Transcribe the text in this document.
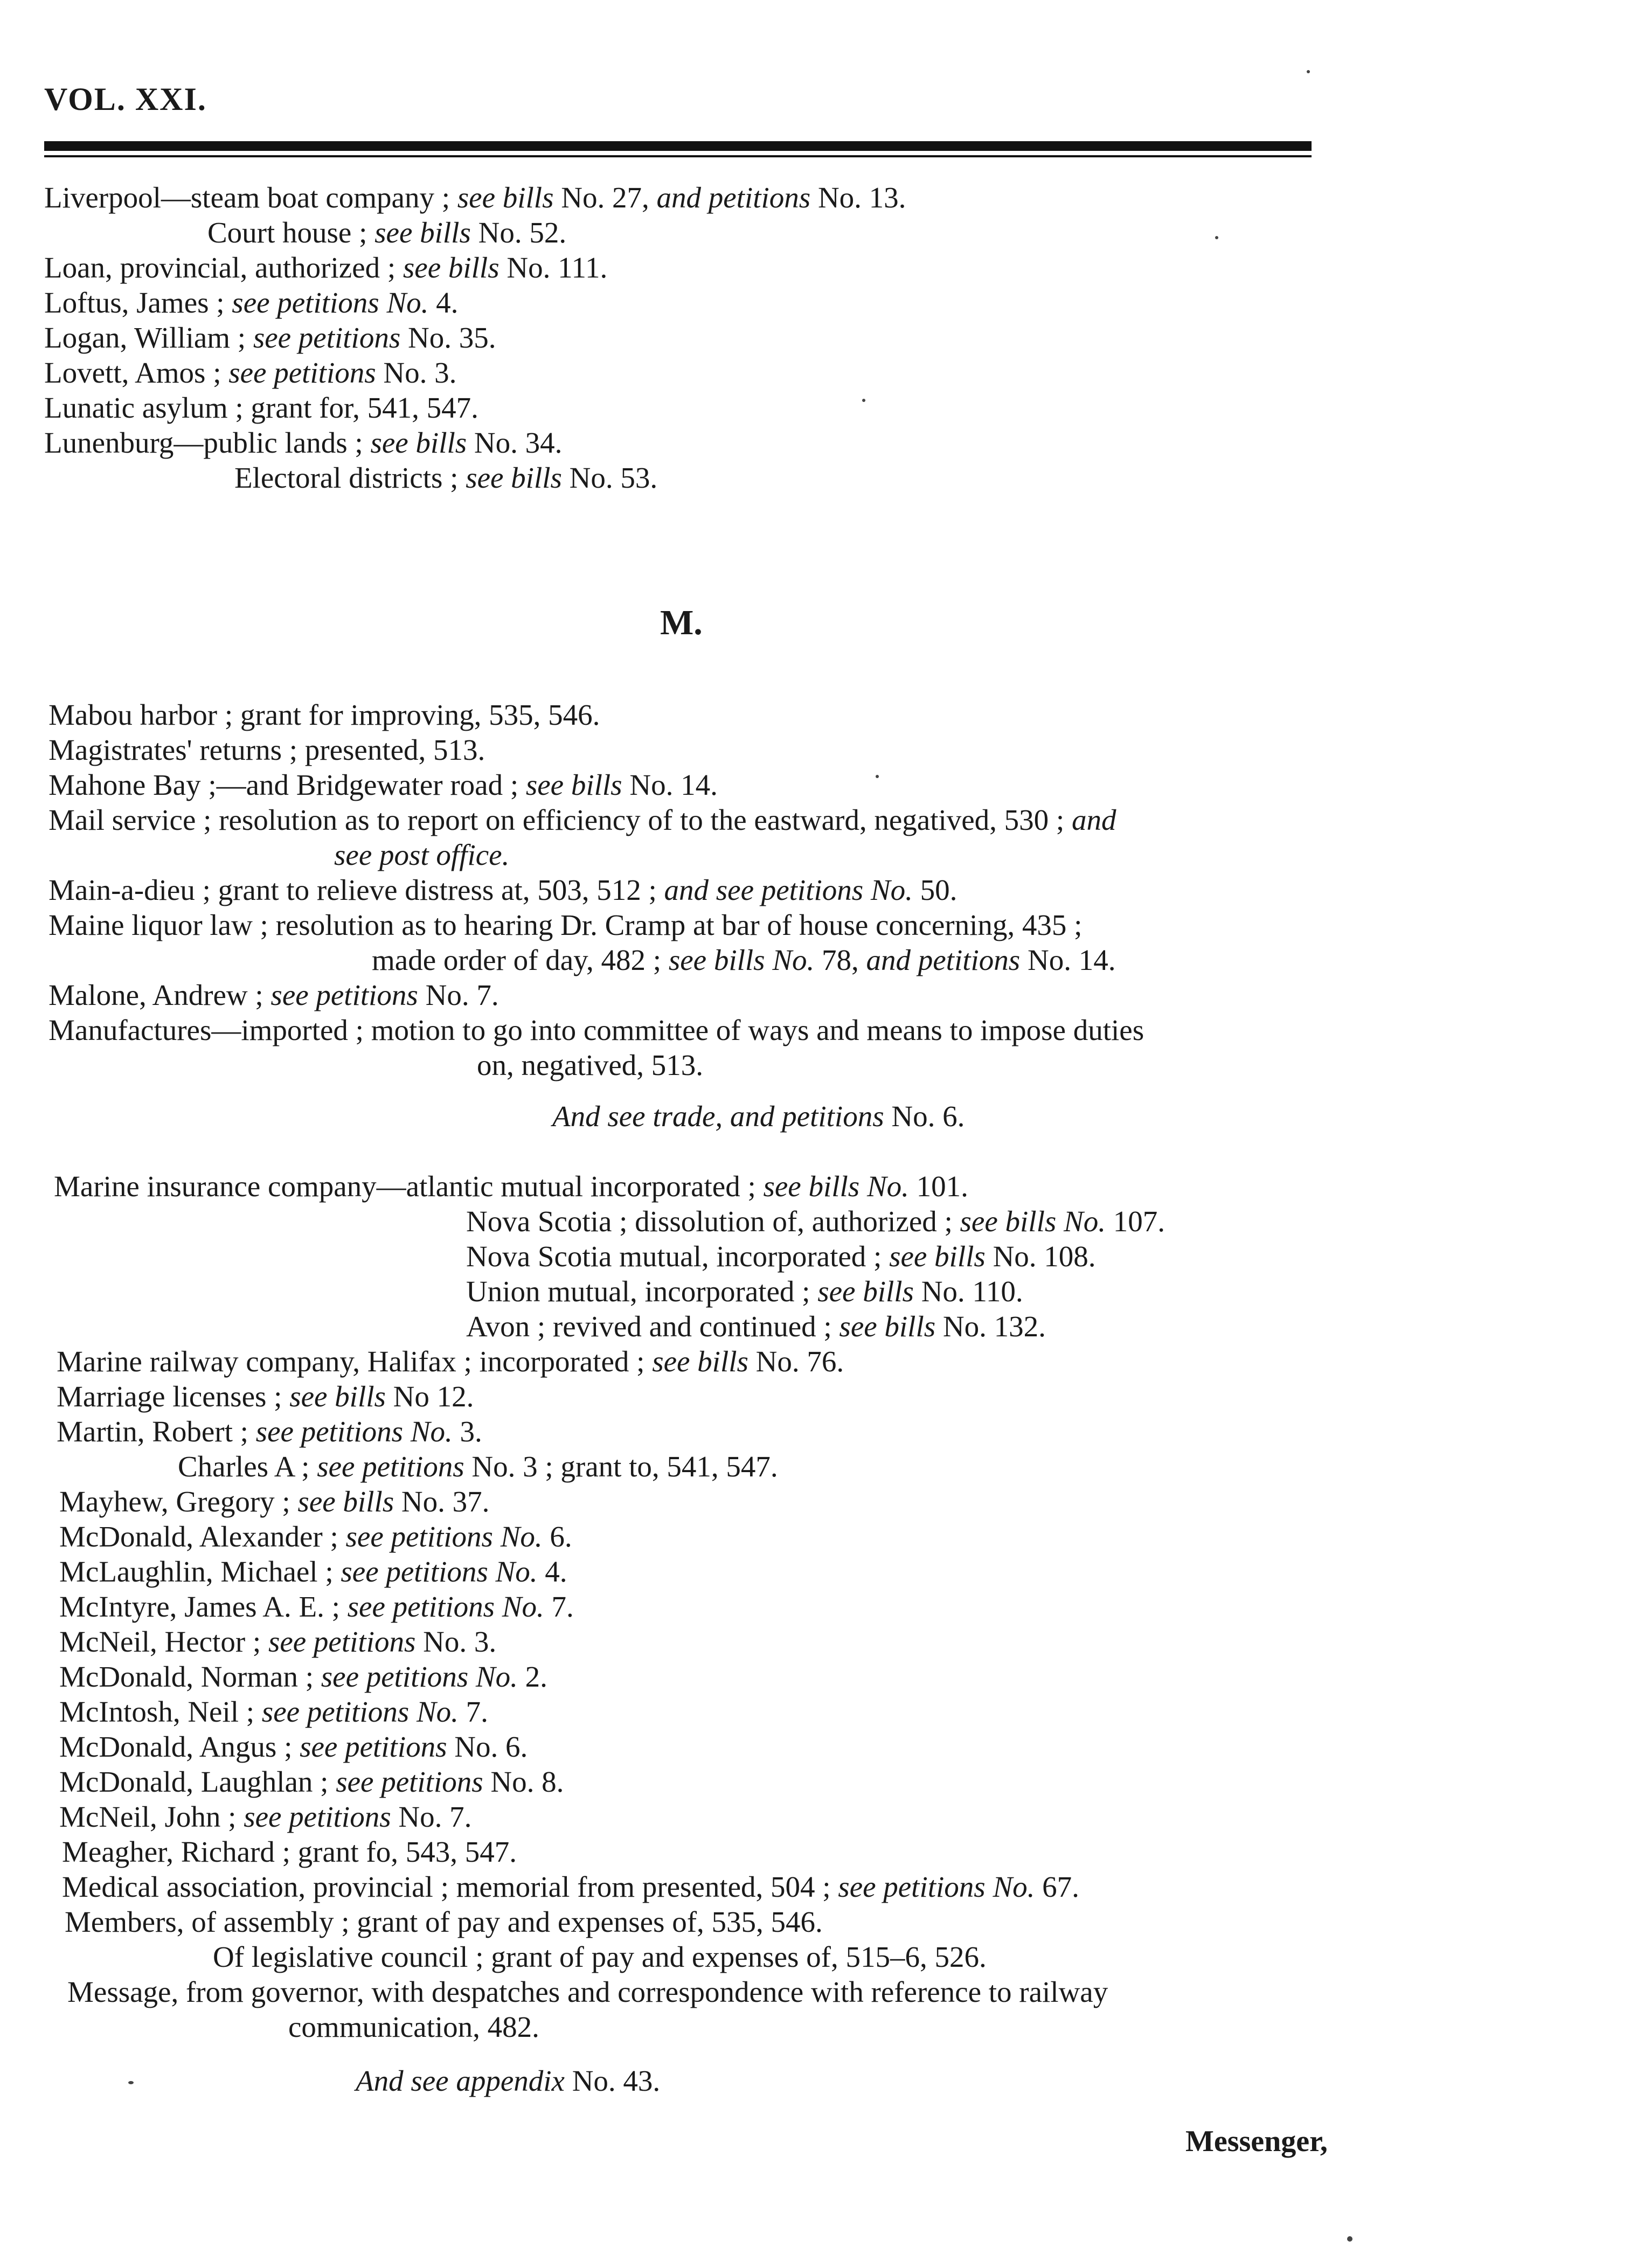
VOL. XXI.
Liverpool—steam boat company ; see bills No. 27, and petitions No. 13.
Court house ; see bills No. 52.
Loan, provincial, authorized ; see bills No. 111.
Loftus, James ; see petitions No. 4.
Logan, William ; see petitions No. 35.
Lovett, Amos ; see petitions No. 3.
Lunatic asylum ; grant for, 541, 547.
Lunenburg—public lands ; see bills No. 34.
Electoral districts ; see bills No. 53.
M.
Mabou harbor ; grant for improving, 535, 546.
Magistrates' returns ; presented, 513.
Mahone Bay ;—and Bridgewater road ; see bills No. 14.
Mail service ; resolution as to report on efficiency of to the eastward, negatived, 530 ; and
see post office.
Main-a-dieu ; grant to relieve distress at, 503, 512 ; and see petitions No. 50.
Maine liquor law ; resolution as to hearing Dr. Cramp at bar of house concerning, 435 ;
made order of day, 482 ; see bills No. 78, and petitions No. 14.
Malone, Andrew ; see petitions No. 7.
Manufactures—imported ; motion to go into committee of ways and means to impose duties
on, negatived, 513.
And see trade, and petitions No. 6.
Marine insurance company—atlantic mutual incorporated ; see bills No. 101.
Nova Scotia ; dissolution of, authorized ; see bills No. 107.
Nova Scotia mutual, incorporated ; see bills No. 108.
Union mutual, incorporated ; see bills No. 110.
Avon ; revived and continued ; see bills No. 132.
Marine railway company, Halifax ; incorporated ; see bills No. 76.
Marriage licenses ; see bills No 12.
Martin, Robert ; see petitions No. 3.
Charles A ; see petitions No. 3 ; grant to, 541, 547.
Mayhew, Gregory ; see bills No. 37.
McDonald, Alexander ; see petitions No. 6.
McLaughlin, Michael ; see petitions No. 4.
McIntyre, James A. E. ; see petitions No. 7.
McNeil, Hector ; see petitions No. 3.
McDonald, Norman ; see petitions No. 2.
McIntosh, Neil ; see petitions No. 7.
McDonald, Angus ; see petitions No. 6.
McDonald, Laughlan ; see petitions No. 8.
McNeil, John ; see petitions No. 7.
Meagher, Richard ; grant fo, 543, 547.
Medical association, provincial ; memorial from presented, 504 ; see petitions No. 67.
Members, of assembly ; grant of pay and expenses of, 535, 546.
Of legislative council ; grant of pay and expenses of, 515–6, 526.
Message, from governor, with despatches and correspondence with reference to railway
communication, 482.
And see appendix No. 43.
Messenger,
